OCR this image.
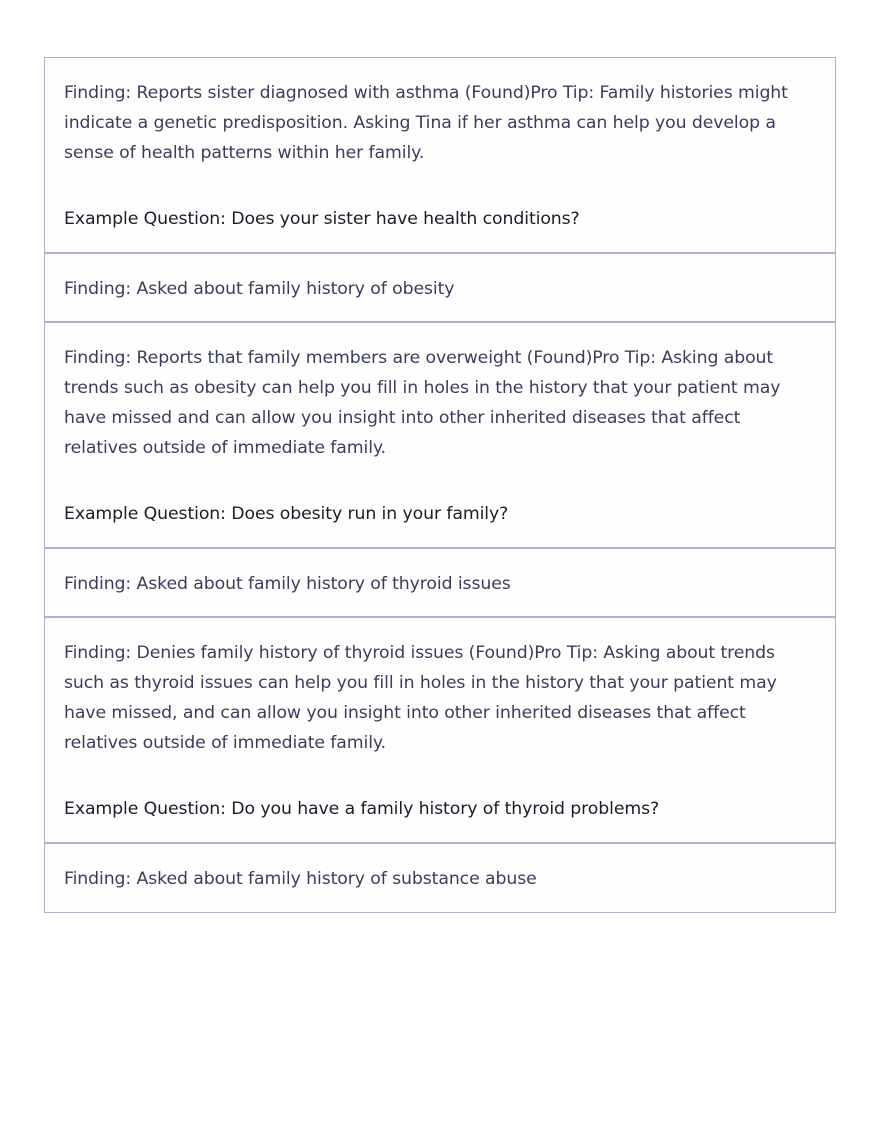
Finding: Reports sister diagnosed with asthma (Found)Pro Tip: Family histories might indicate a genetic predisposition. Asking Tina if her asthma can help you develop a sense of health patterns within her family.

Example Question: Does your sister have health conditions?

Finding: Asked about family history of obesity

Finding: Reports that family members are overweight (Found)Pro Tip: Asking about trends such as obesity can help you fill in holes in the history that your patient may have missed and can allow you insight into other inherited diseases that affect relatives outside of immediate family.

Example Question: Does obesity run in your family?

Finding: Asked about family history of thyroid issues

Finding: Denies family history of thyroid issues (Found)Pro Tip: Asking about trends such as thyroid issues can help you fill in holes in the history that your patient may have missed, and can allow you insight into other inherited diseases that affect relatives outside of immediate family.

Example Question: Do you have a family history of thyroid problems?

Finding: Asked about family history of substance abuse
